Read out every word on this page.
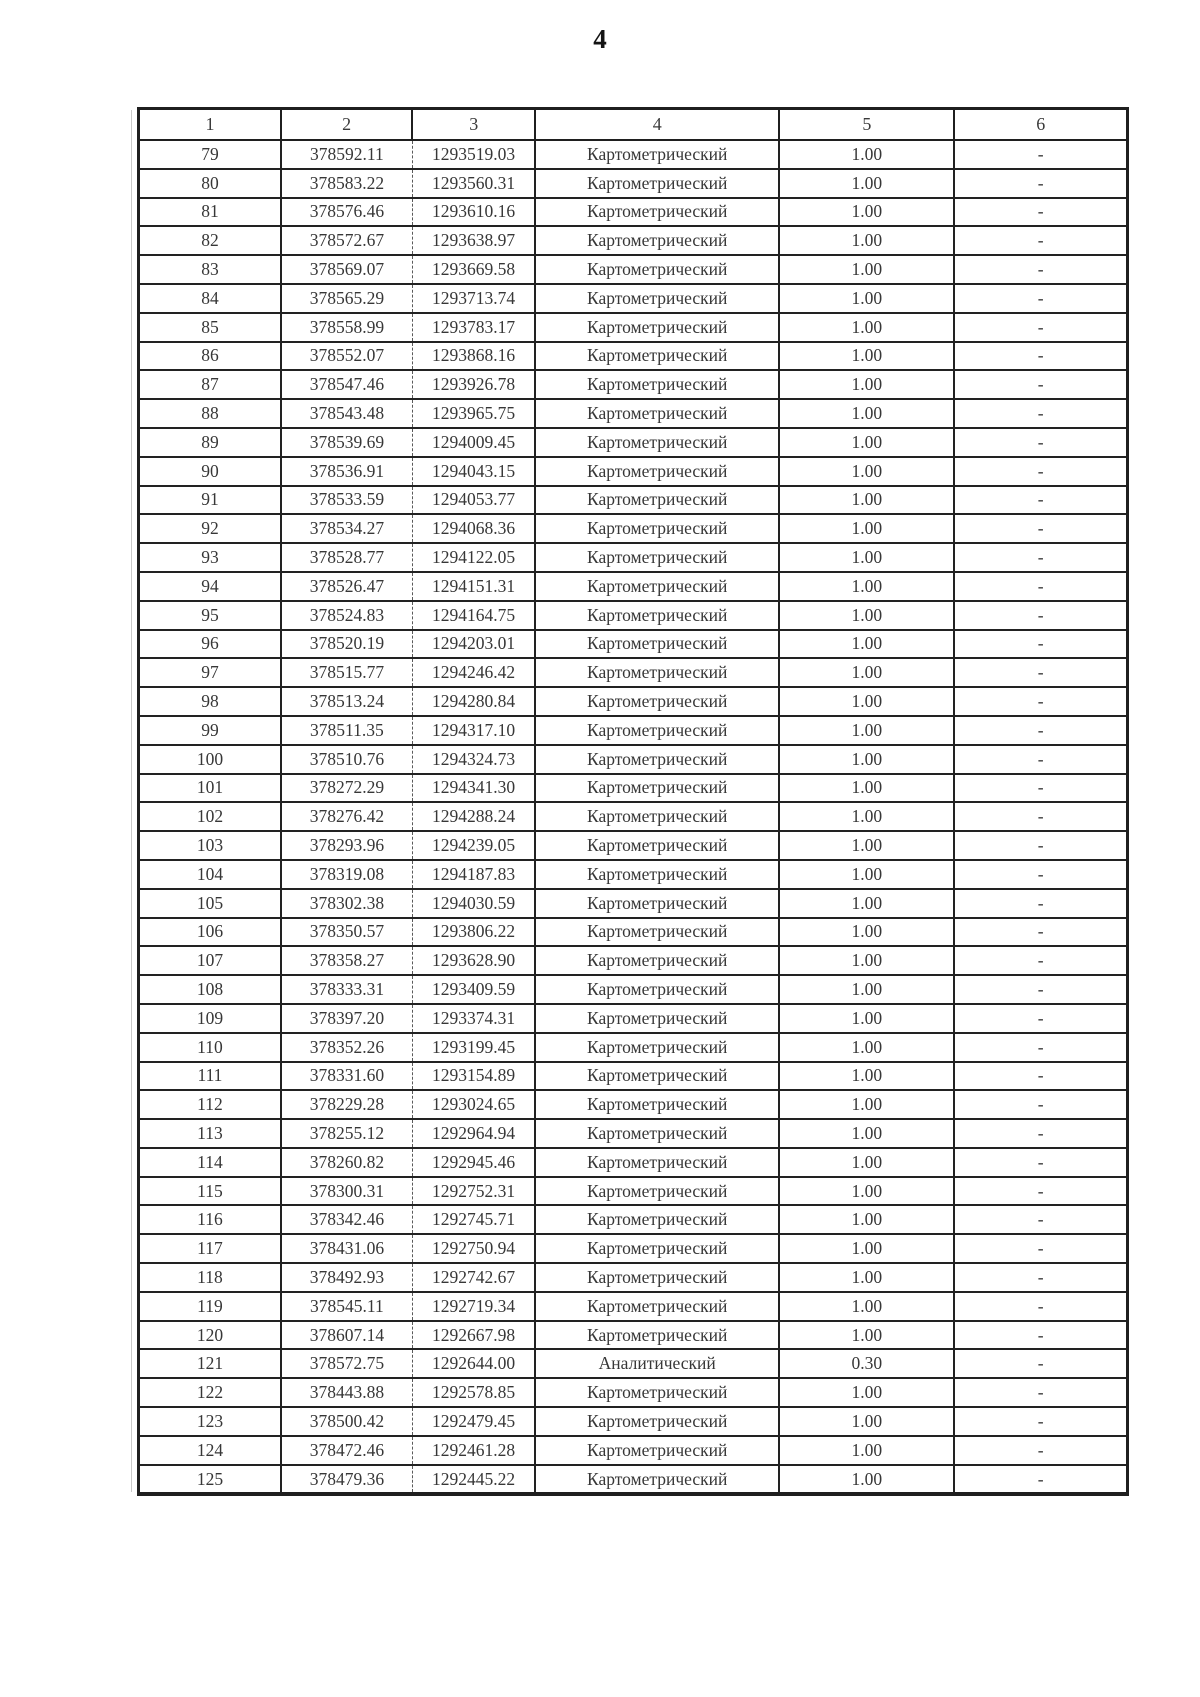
4
1	2	3	4	5	6
79	378592.11	1293519.03	Картометрический	1.00	-
80	378583.22	1293560.31	Картометрический	1.00	-
81	378576.46	1293610.16	Картометрический	1.00	-
82	378572.67	1293638.97	Картометрический	1.00	-
83	378569.07	1293669.58	Картометрический	1.00	-
84	378565.29	1293713.74	Картометрический	1.00	-
85	378558.99	1293783.17	Картометрический	1.00	-
86	378552.07	1293868.16	Картометрический	1.00	-
87	378547.46	1293926.78	Картометрический	1.00	-
88	378543.48	1293965.75	Картометрический	1.00	-
89	378539.69	1294009.45	Картометрический	1.00	-
90	378536.91	1294043.15	Картометрический	1.00	-
91	378533.59	1294053.77	Картометрический	1.00	-
92	378534.27	1294068.36	Картометрический	1.00	-
93	378528.77	1294122.05	Картометрический	1.00	-
94	378526.47	1294151.31	Картометрический	1.00	-
95	378524.83	1294164.75	Картометрический	1.00	-
96	378520.19	1294203.01	Картометрический	1.00	-
97	378515.77	1294246.42	Картометрический	1.00	-
98	378513.24	1294280.84	Картометрический	1.00	-
99	378511.35	1294317.10	Картометрический	1.00	-
100	378510.76	1294324.73	Картометрический	1.00	-
101	378272.29	1294341.30	Картометрический	1.00	-
102	378276.42	1294288.24	Картометрический	1.00	-
103	378293.96	1294239.05	Картометрический	1.00	-
104	378319.08	1294187.83	Картометрический	1.00	-
105	378302.38	1294030.59	Картометрический	1.00	-
106	378350.57	1293806.22	Картометрический	1.00	-
107	378358.27	1293628.90	Картометрический	1.00	-
108	378333.31	1293409.59	Картометрический	1.00	-
109	378397.20	1293374.31	Картометрический	1.00	-
110	378352.26	1293199.45	Картометрический	1.00	-
111	378331.60	1293154.89	Картометрический	1.00	-
112	378229.28	1293024.65	Картометрический	1.00	-
113	378255.12	1292964.94	Картометрический	1.00	-
114	378260.82	1292945.46	Картометрический	1.00	-
115	378300.31	1292752.31	Картометрический	1.00	-
116	378342.46	1292745.71	Картометрический	1.00	-
117	378431.06	1292750.94	Картометрический	1.00	-
118	378492.93	1292742.67	Картометрический	1.00	-
119	378545.11	1292719.34	Картометрический	1.00	-
120	378607.14	1292667.98	Картометрический	1.00	-
121	378572.75	1292644.00	Аналитический	0.30	-
122	378443.88	1292578.85	Картометрический	1.00	-
123	378500.42	1292479.45	Картометрический	1.00	-
124	378472.46	1292461.28	Картометрический	1.00	-
125	378479.36	1292445.22	Картометрический	1.00	-
